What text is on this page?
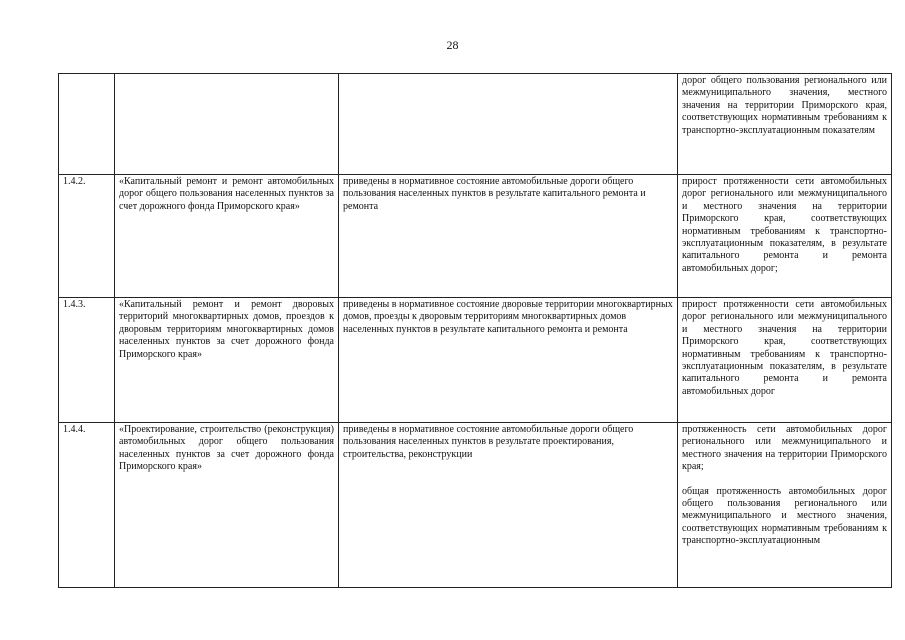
28

			дорог общего пользования регионального или межмуниципального значения, местного значения на территории Приморского края, соответствующих нормативным требованиям к транспортно-эксплуатационным показателям

1.4.2.	«Капитальный ремонт и ремонт автомобильных дорог общего пользования населенных пунктов за счет дорожного фонда Приморского края»	приведены в нормативное состояние автомобильные дороги общего пользования населенных пунктов в результате капитального ремонта и ремонта	прирост протяженности сети автомобильных дорог регионального или межмуниципального и местного значения на территории Приморского края, соответствующих нормативным требованиям к транспортно-эксплуатационным показателям, в результате капитального ремонта и ремонта автомобильных дорог;

1.4.3.	«Капитальный ремонт и ремонт дворовых территорий многоквартирных домов, проездов к дворовым территориям многоквартирных домов населенных пунктов за счет дорожного фонда Приморского края»	приведены в нормативное состояние дворовые территории многоквартирных домов, проезды к дворовым территориям многоквартирных домов населенных пунктов в результате капитального ремонта и ремонта	прирост протяженности сети автомобильных дорог регионального или межмуниципального и местного значения на территории Приморского края, соответствующих нормативным требованиям к транспортно-эксплуатационным показателям, в результате капитального ремонта и ремонта автомобильных дорог

1.4.4.	«Проектирование, строительство (реконструкция) автомобильных дорог общего пользования населенных пунктов за счет дорожного фонда Приморского края»	приведены в нормативное состояние автомобильные дороги общего пользования населенных пунктов в результате проектирования, строительства, реконструкции	протяженность сети автомобильных дорог регионального или межмуниципального и местного значения на территории Приморского края;
общая протяженность автомобильных дорог общего пользования регионального или межмуниципального и местного значения, соответствующих нормативным требованиям к транспортно-эксплуатационным
